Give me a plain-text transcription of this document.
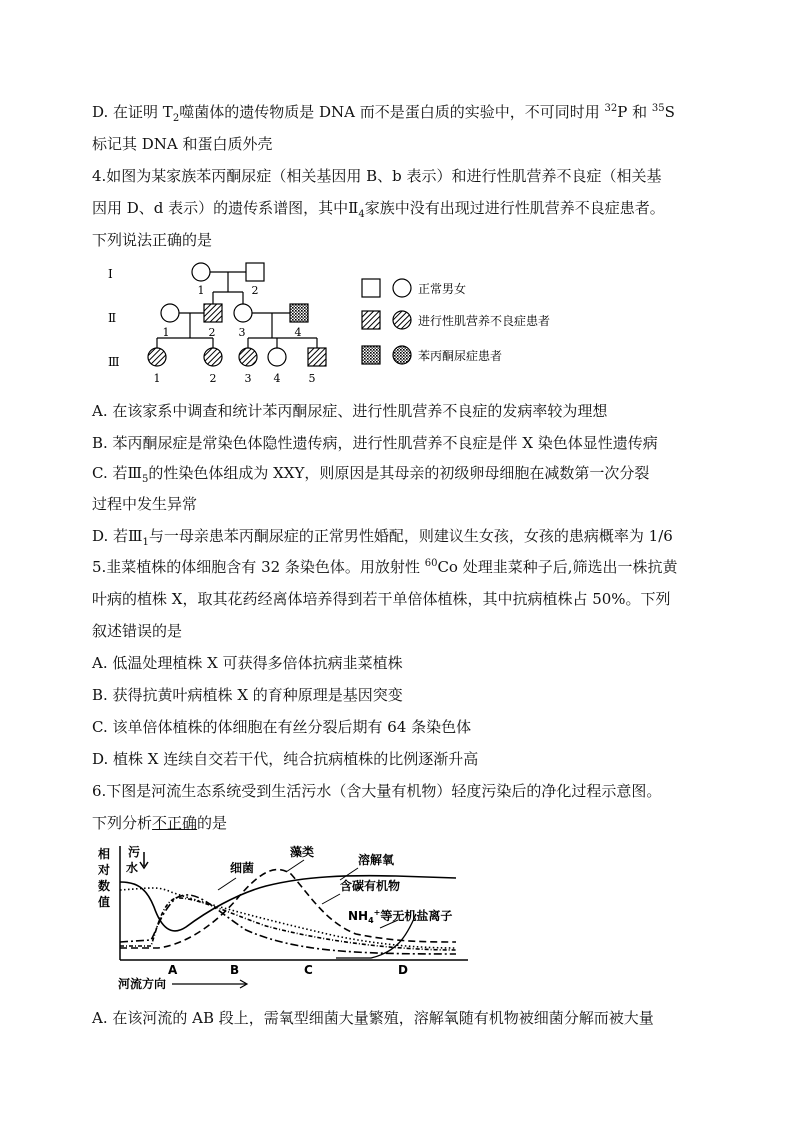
D. 在证明 $T_2$噬菌体的遗传物质是 DNA 而不是蛋白质的实验中，不可同时用 $^{32}$P 和 $^{35}$S
标记其 DNA 和蛋白质外壳
4.如图为某家族苯丙酮尿症（相关基因用 B、b 表示）和进行性肌营养不良症（相关基
因用 D、d 表示）的遗传系谱图，其中$Ⅱ_4$家族中没有出现过进行性肌营养不良症患者。
下列说法正确的是
Ⅰ
Ⅱ
Ⅲ
1	2
1	2 3	4
1	2	3 4	5
正常男女
进行性肌营养不良症患者
苯丙酮尿症患者
A. 在该家系中调查和统计苯丙酮尿症、进行性肌营养不良症的发病率较为理想
B. 苯丙酮尿症是常染色体隐性遗传病，进行性肌营养不良症是伴 X 染色体显性遗传病
C. 若$Ⅲ_5$的性染色体组成为 XXY，则原因是其母亲的初级卵母细胞在减数第一次分裂
过程中发生异常
D. 若$Ⅲ_1$与一母亲患苯丙酮尿症的正常男性婚配，则建议生女孩，女孩的患病概率为 1/6
5.韭菜植株的体细胞含有 32 条染色体。用放射性 $^{60}$Co 处理韭菜种子后,筛选出一株抗黄
叶病的植株 X，取其花药经离体培养得到若干单倍体植株，其中抗病植株占 50%。下列
叙述错误的是
A. 低温处理植株 X 可获得多倍体抗病韭菜植株
B. 获得抗黄叶病植株 X 的育种原理是基因突变
C. 该单倍体植株的体细胞在有丝分裂后期有 64 条染色体
D. 植株 X 连续自交若干代，纯合抗病植株的比例逐渐升高
6.下图是河流生态系统受到生活污水（含大量有机物）轻度污染后的净化过程示意图。
下列分析不正确的是
相
对
数
值
污
水	细菌
藻类
溶解氧
含碳有机物
$NH_4^+$等无机盐离子
A	B	C	D
河流方向
A. 在该河流的 AB 段上，需氧型细菌大量繁殖，溶解氧随有机物被细菌分解而被大量
